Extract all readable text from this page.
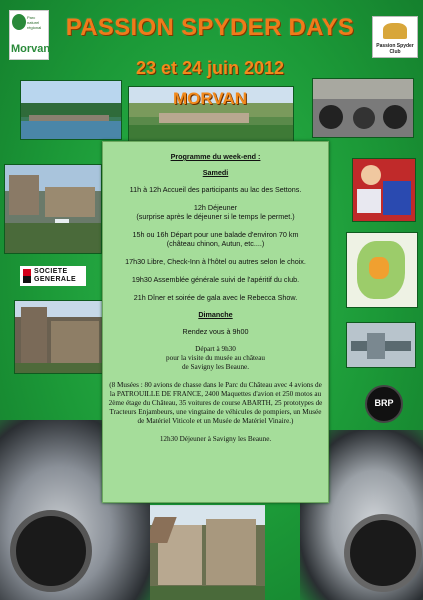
Parc naturel régional
Morvan	Passion Spyder Club
PASSION SPYDER DAYS
23 et 24 juin 2012
MORVAN
SOCIETE
GENERALE
BRP

Programme du week-end :

Samedi

11h à 12h Accueil des participants au lac des Settons.

12h Déjeuner

(surprise après le déjeuner si le temps le permet.)

15h ou 16h Départ pour une balade d'environ 70 km

(château chinon, Autun, etc....)

17h30 Libre, Check-Inn à l'hôtel ou autres selon le choix.

19h30 Assemblée générale suivi de l'apéritif du club.

21h Dîner et soirée de gala avec le Rebecca Show.

Dimanche

Rendez vous à 9h00

Départ à 9h30

pour la visite du musée au château

de Savigny les Beaune.

(8 Musées : 80 avions de chasse dans le Parc du Château avec 4 avions de la PATROUILLE DE FRANCE, 2400 Maquettes d'avion et 250 motos au 2ème étage du Château, 35 voitures de course ABARTH, 25 prototypes de Tracteurs Enjambeurs, une vingtaine de véhicules de pompiers, un Musée de Matériel Viticole et un Musée de Matériel Vinaire.)

12h30 Déjeuner à Savigny les Beaune.
